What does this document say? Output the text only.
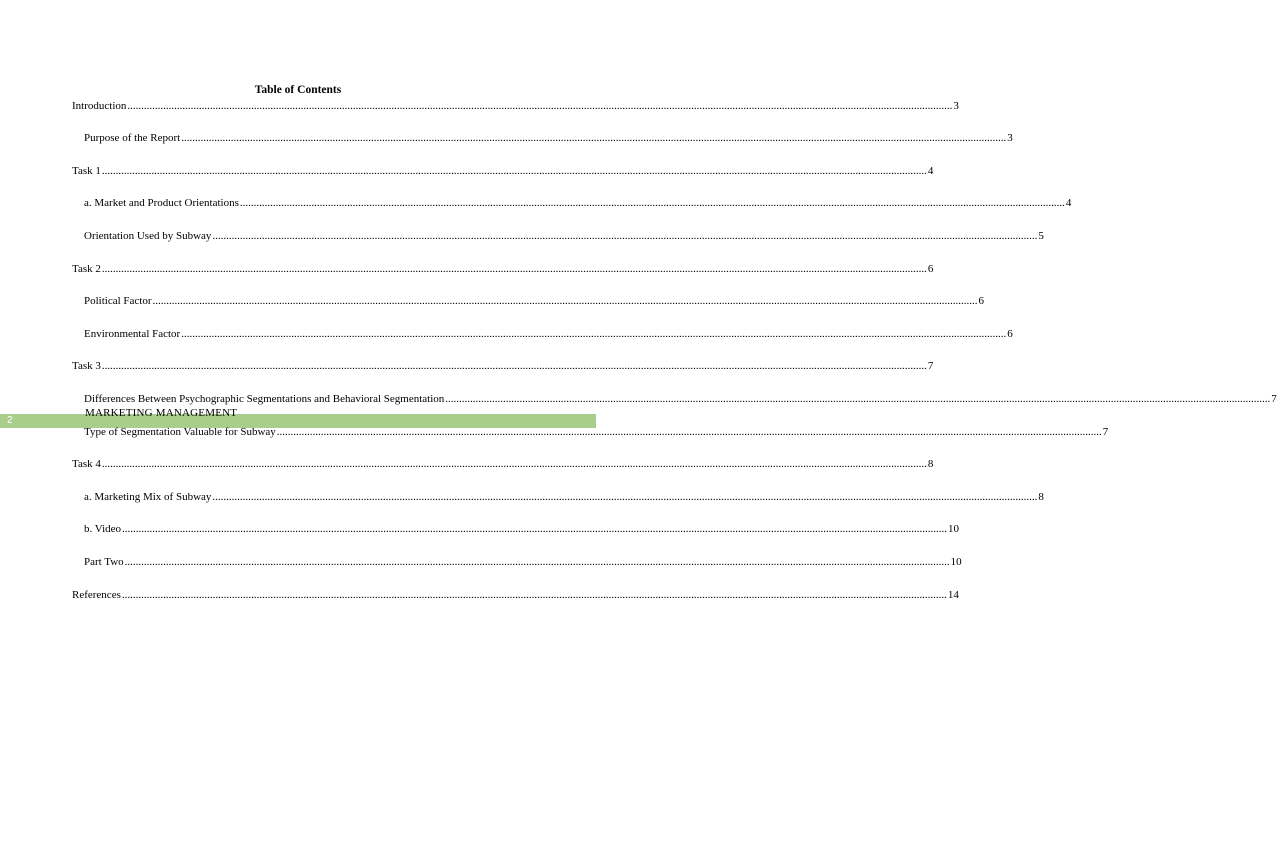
Table of Contents
Introduction ............................................................................................................................................................................................................................................................................................................ 3
Purpose of the Report ............................................................................................................................................................................................................................................................................................................ 3
Task 1 ............................................................................................................................................................................................................................................................................................................ 4
a. Market and Product Orientations ............................................................................................................................................................................................................................................................................................................ 4
Orientation Used by Subway ............................................................................................................................................................................................................................................................................................................ 5
Task 2 ............................................................................................................................................................................................................................................................................................................ 6
Political Factor ............................................................................................................................................................................................................................................................................................................ 6
Environmental Factor ............................................................................................................................................................................................................................................................................................................ 6
Task 3 ............................................................................................................................................................................................................................................................................................................ 7
Differences Between Psychographic Segmentations and Behavioral Segmentation ............................................................................................................................................................................................................................................................................................................ 7
2
MARKETING MANAGEMENT
Type of Segmentation Valuable for Subway ............................................................................................................................................................................................................................................................................................................ 7
Task 4 ............................................................................................................................................................................................................................................................................................................ 8
a. Marketing Mix of Subway ............................................................................................................................................................................................................................................................................................................ 8
b. Video ............................................................................................................................................................................................................................................................................................................ 10
Part Two ............................................................................................................................................................................................................................................................................................................ 10
References ............................................................................................................................................................................................................................................................................................................ 14
